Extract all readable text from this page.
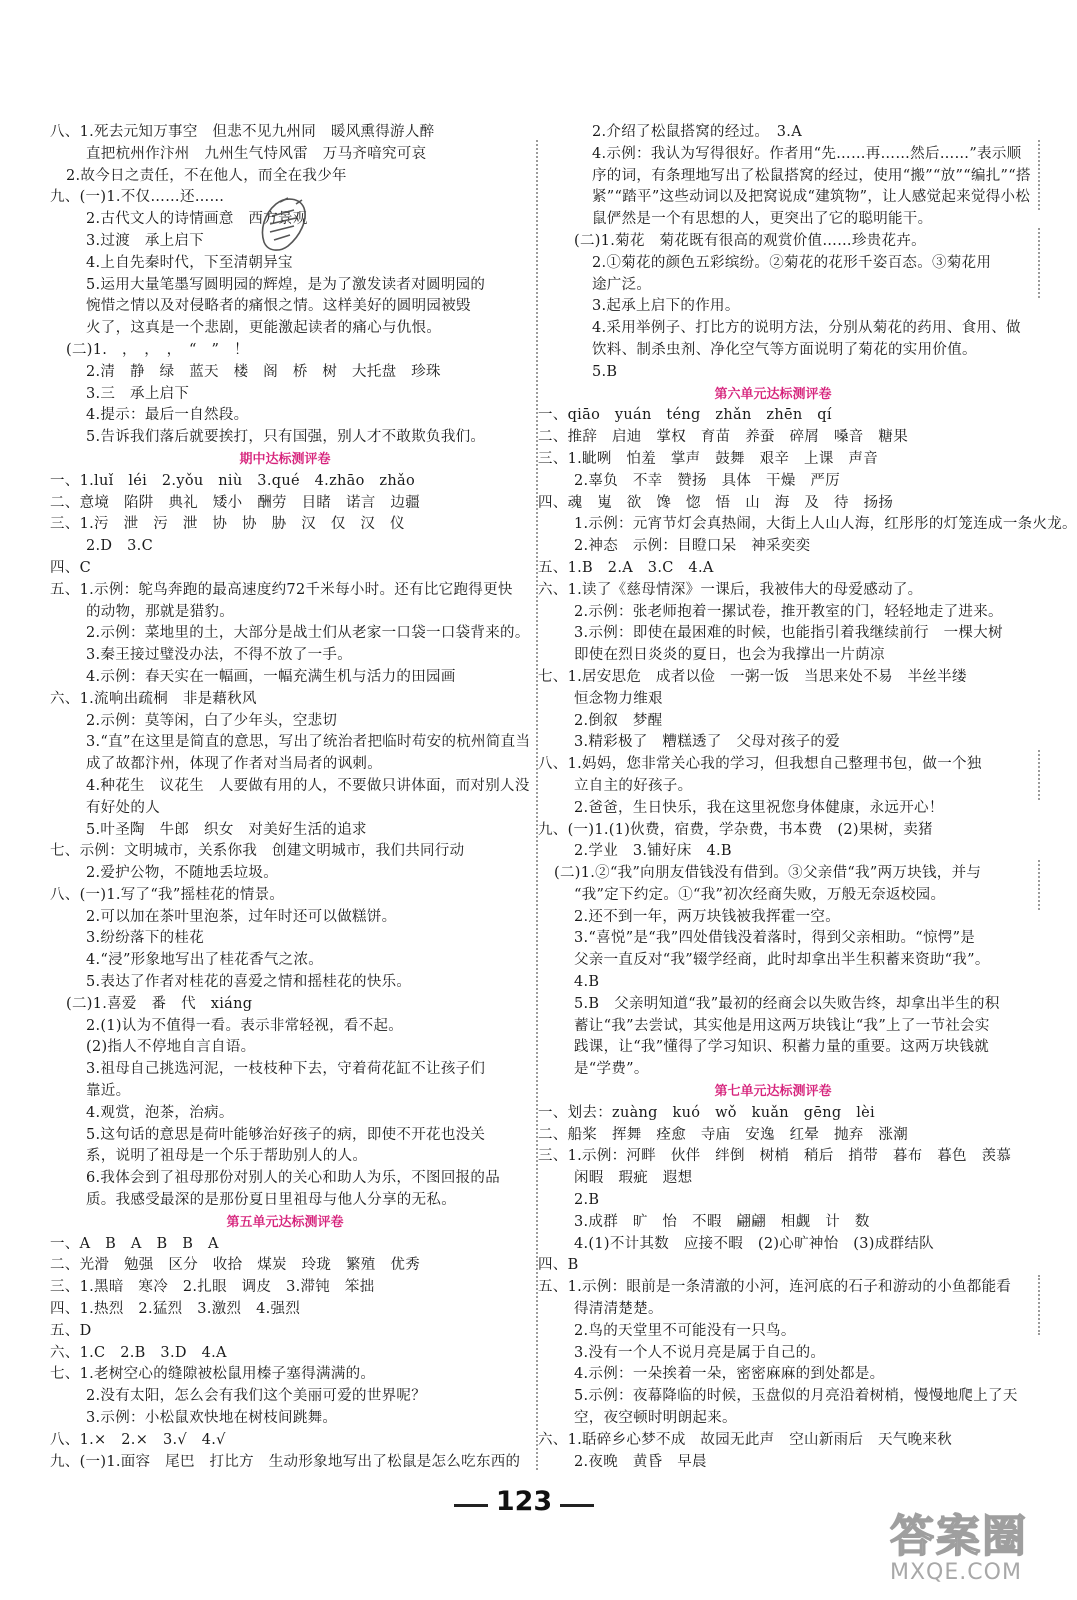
八、1.死去元知万事空　但悲不见九州同　暖风熏得游人醉
直把杭州作汴州　九州生气恃风雷　万马齐喑究可哀
2.故今日之责任，不在他人，而全在我少年
九、(一)1.不仅……还……
2.古代文人的诗情画意　西方景观
3.过渡　承上启下
4.上自先秦时代，下至清朝异宝
5.运用大量笔墨写圆明园的辉煌，是为了激发读者对圆明园的
惋惜之情以及对侵略者的痛恨之情。这样美好的圆明园被毁
火了，这真是一个悲剧，更能激起读者的痛心与仇恨。
(二)1.　，　，　，　“　”　！
2.清　静　绿　蓝天　楼　阁　桥　树　大托盘　珍珠
3.三　承上启下
4.提示：最后一自然段。
5.告诉我们落后就要挨打，只有国强，别人才不敢欺负我们。
期中达标测评卷
一、1.luǐ　léi　2.yǒu　niù　3.qué　4.zhāo　zhǎo
二、意境　陷阱　典礼　矮小　酬劳　目睹　诺言　边疆
三、1.污　泄　污　泄　协　协　胁　汉　仅　汉　仪
2.D　3.C
四、C
五、1.示例：鸵鸟奔跑的最高速度约72千米每小时。还有比它跑得更快
的动物，那就是猎豹。
2.示例：菜地里的土，大部分是战士们从老家一口袋一口袋背来的。
3.秦王接过璧没办法，不得不放了一手。
4.示例：春天实在一幅画，一幅充满生机与活力的田园画
六、1.流响出疏桐　非是藉秋风
2.示例：莫等闲，白了少年头，空悲切
3.“直”在这里是简直的意思，写出了统治者把临时苟安的杭州简直当
成了故都汴州，体现了作者对当局者的讽刺。
4.种花生　议花生　人要做有用的人，不要做只讲体面，而对别人没
有好处的人
5.叶圣陶　牛郎　织女　对美好生活的追求
七、示例：文明城市，关系你我　创建文明城市，我们共同行动
2.爱护公物，不随地丢垃圾。
八、(一)1.写了“我”摇桂花的情景。
2.可以加在茶叶里泡茶，过年时还可以做糕饼。
3.纷纷落下的桂花
4.“浸”形象地写出了桂花香气之浓。
5.表达了作者对桂花的喜爱之情和摇桂花的快乐。
(二)1.喜爱　番　代　xiáng
2.(1)认为不值得一看。表示非常轻视，看不起。
(2)指人不停地自言自语。
3.祖母自己挑选河泥，一枝枝种下去，守着荷花缸不让孩子们
靠近。
4.观赏，泡茶，治病。
5.这句话的意思是荷叶能够治好孩子的病，即使不开花也没关
系，说明了祖母是一个乐于帮助别人的人。
6.我体会到了祖母那份对别人的关心和助人为乐，不图回报的品
质。我感受最深的是那份夏日里祖母与他人分享的无私。
第五单元达标测评卷
一、A　B　A　B　B　A
二、光滑　勉强　区分　收拾　煤炭　玲珑　繁殖　优秀
三、1.黑暗　寒冷　2.扎眼　调皮　3.滞钝　笨拙
四、1.热烈　2.猛烈　3.激烈　4.强烈
五、D
六、1.C　2.B　3.D　4.A
七、1.老树空心的缝隙被松鼠用榛子塞得满满的。
2.没有太阳，怎么会有我们这个美丽可爱的世界呢？
3.示例：小松鼠欢快地在树枝间跳舞。
八、1.×　2.×　3.√　4.√
九、(一)1.面容　尾巴　打比方　生动形象地写出了松鼠是怎么吃东西的
2.介绍了松鼠搭窝的经过。　3.A
4.示例：我认为写得很好。作者用“先……再……然后……”表示顺
序的词，有条理地写出了松鼠搭窝的经过，使用“搬”“放”“编扎”“搭
紧”“踏平”这些动词以及把窝说成“建筑物”，让人感觉起来觉得小松
鼠俨然是一个有思想的人，更突出了它的聪明能干。
(二)1.菊花　菊花既有很高的观赏价值……珍贵花卉。
2.①菊花的颜色五彩缤纷。②菊花的花形千姿百态。③菊花用
途广泛。
3.起承上启下的作用。
4.采用举例子、打比方的说明方法，分别从菊花的药用、食用、做
饮料、制杀虫剂、净化空气等方面说明了菊花的实用价值。
5.B
第六单元达标测评卷
一、qiāo　yuán　téng　zhǎn　zhēn　qí
二、推辞　启迪　掌权　育苗　养蚕　碎屑　嗓音　糖果
三、1.眦咧　怕羞　掌声　鼓舞　艰辛　上课　声音
2.辜负　不幸　赞扬　具体　干燥　严厉
四、魂　嵬　欲　馋　惚　悟　山　海　及　待　扬扬
1.示例：元宵节灯会真热闹，大街上人山人海，红彤彤的灯笼连成一条火龙。
2.神态　示例：目瞪口呆　神采奕奕
五、1.B　2.A　3.C　4.A
六、1.读了《慈母情深》一课后，我被伟大的母爱感动了。
2.示例：张老师抱着一摞试卷，推开教室的门，轻轻地走了进来。
3.示例：即使在最困难的时候，也能指引着我继续前行　一棵大树
即使在烈日炎炎的夏日，也会为我撑出一片荫凉
七、1.居安思危　成者以俭　一粥一饭　当思来处不易　半丝半缕
恒念物力维艰
2.倒叙　梦醒
3.精彩极了　糟糕透了　父母对孩子的爱
八、1.妈妈，您非常关心我的学习，但我想自己整理书包，做一个独
立自主的好孩子。
2.爸爸，生日快乐，我在这里祝您身体健康，永远开心！
九、(一)1.(1)伙费，宿费，学杂费，书本费　(2)果树，卖猪
2.学业　3.铺好床　4.B
(二)1.②“我”向朋友借钱没有借到。③父亲借“我”两万块钱，并与
“我”定下约定。①“我”初次经商失败，万般无奈返校园。
2.还不到一年，两万块钱被我挥霍一空。
3.“喜悦”是“我”四处借钱没着落时，得到父亲相助。“惊愕”是
父亲一直反对“我”辍学经商，此时却拿出半生积蓄来资助“我”。
4.B
5.B　父亲明知道“我”最初的经商会以失败告终，却拿出半生的积
蓄让“我”去尝试，其实他是用这两万块钱让“我”上了一节社会实
践课，让“我”懂得了学习知识、积蓄力量的重要。这两万块钱就
是“学费”。
第七单元达标测评卷
一、划去：zuàng　kuó　wǒ　kuǎn　gēng　lèi
二、船桨　挥舞　痊愈　寺庙　安逸　红晕　抛弃　涨潮
三、1.示例：河畔　伙伴　绊倒　树梢　稍后　捎带　暮布　暮色　羡慕
闲暇　瑕疵　遐想
2.B
3.成群　旷　怡　不暇　翩翩　相觑　计　数
4.(1)不计其数　应接不暇　(2)心旷神怡　(3)成群结队
四、B
五、1.示例：眼前是一条清澈的小河，连河底的石子和游动的小鱼都能看
得清清楚楚。
2.鸟的天堂里不可能没有一只鸟。
3.没有一个人不说月亮是属于自己的。
4.示例：一朵挨着一朵，密密麻麻的到处都是。
5.示例：夜幕降临的时候，玉盘似的月亮沿着树梢，慢慢地爬上了天
空，夜空顿时明朗起来。
六、1.聒碎乡心梦不成　故园无此声　空山新雨后　天气晚来秋
2.夜晚　黄昏　早晨
123
答案圈
MXQE.COM
